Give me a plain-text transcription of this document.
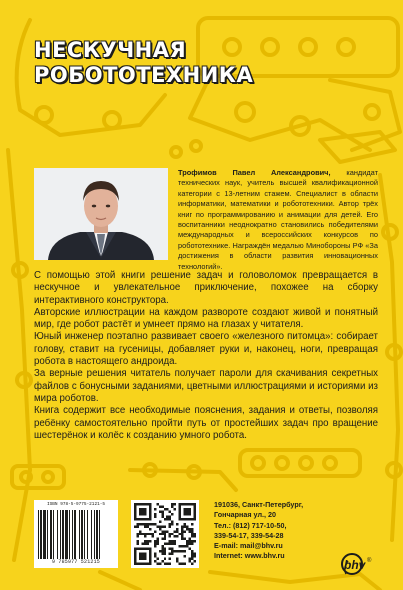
НЕСКУЧНАЯ
РОБОТОТЕХНИКА

Трофимов Павел Александрович, кандидат технических наук, учитель высшей квалификационной категории с 13-летним стажем. Специалист в области информатики, математики и робототехники. Автор трёх книг по программированию и анимации для детей. Его воспитанники неоднократно становились победителями международных и всероссийских конкурсов по робототехнике. Награждён медалью Минобороны РФ «За достижения в области развития инновационных технологий».

С помощью этой книги решение задач и головоломок превращается в нескучное и увлекательное приключение, похожее на сборку интерактивного конструктора.

Авторские иллюстрации на каждом развороте создают живой и понятный мир, где робот растёт и умнеет прямо на глазах у читателя.

Юный инженер поэтапно развивает своего «железного питомца»: собирает голову, ставит на гусеницы, добавляет руки и, наконец, ноги, превращая робота в настоящего андроида.

За верные решения читатель получает пароли для скачивания секретных файлов с бонусными заданиями, цветными иллюстрациями и историями из мира роботов.

Книга содержит все необходимые пояснения, задания и ответы, позволяя ребёнку самостоятельно пройти путь от простейших задач про вращение шестерёнок и колёс к созданию умного робота.

ISBN 978-5-9775-2121-5

9 785977 521215

191036, Санкт-Петербург,
Гончарная ул., 20
Тел.: (812) 717-10-50,
339-54-17, 339-54-28
E-mail: mail@bhv.ru
Internet: www.bhv.ru
bhv ®
